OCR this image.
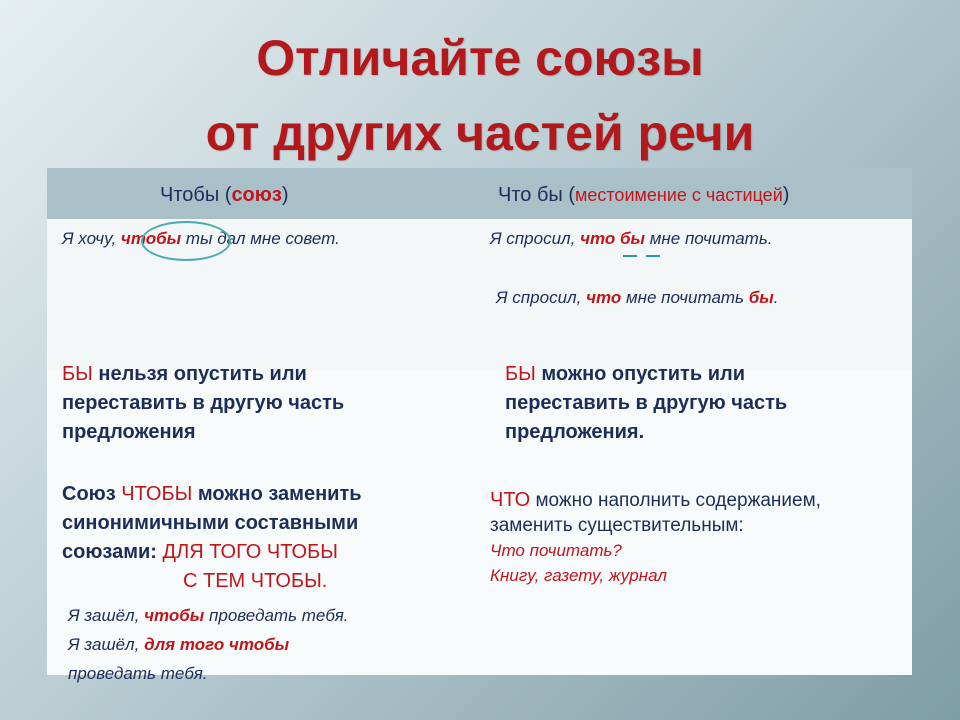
Отличайте союзы
от других частей речи
Чтобы (союз)	Что бы (местоимение с частицей)
Я хочу, чтобы ты дал мне совет.	Я спросил, что бы мне почитать.
Я спросил, что мне почитать бы.
БЫ нельзя опустить или
переставить в другую часть
предложения
БЫ можно опустить или
переставить в другую часть
предложения.
Союз ЧТОБЫ можно заменить
синонимичными составными
союзами: ДЛЯ ТОГО ЧТОБЫ
С ТЕМ ЧТОБЫ.
ЧТО можно наполнить содержанием,
заменить существительным:
Что почитать?
Книгу, газету, журнал
Я зашёл, чтобы проведать тебя.
Я зашёл, для того чтобы
проведать тебя.
